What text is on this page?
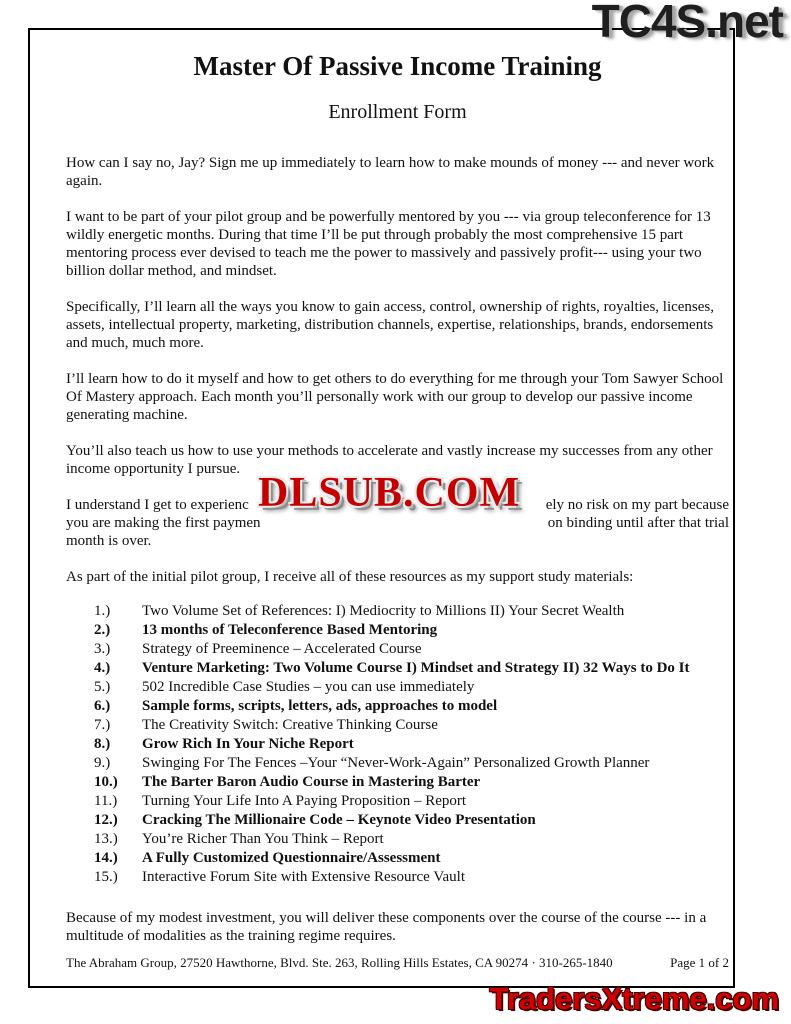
Master Of Passive Income Training
Enrollment Form

How can I say no, Jay? Sign me up immediately to learn how to make mounds of money --- and never work again.

I want to be part of your pilot group and be powerfully mentored by you --- via group teleconference for 13 wildly energetic months. During that time I’ll be put through probably the most comprehensive 15 part mentoring process ever devised to teach me the power to massively and passively profit--- using your two billion dollar method, and mindset.

Specifically, I’ll learn all the ways you know to gain access, control, ownership of rights, royalties, licenses, assets, intellectual property, marketing, distribution channels, expertise, relationships, brands, endorsements and much, much more.

I’ll learn how to do it myself and how to get others to do everything for me through your Tom Sawyer School Of Mastery approach. Each month you’ll personally work with our group to develop our passive income generating machine.

You’ll also teach us how to use your methods to accelerate and vastly increase my successes from any other income opportunity I pursue.

I understand I get to experienc	ely no risk on my part because
you are making the first paymen	on binding until after that trial
month is over.
DLSUB.COM

As part of the initial pilot group, I receive all of these resources as my support study materials:

1.)	Two Volume Set of References: I) Mediocrity to Millions II) Your Secret Wealth
2.)	13 months of Teleconference Based Mentoring
3.)	Strategy of Preeminence – Accelerated Course
4.)	Venture Marketing: Two Volume Course I) Mindset and Strategy II) 32 Ways to Do It
5.)	502 Incredible Case Studies – you can use immediately
6.)	Sample forms, scripts, letters, ads, approaches to model
7.)	The Creativity Switch: Creative Thinking Course
8.)	Grow Rich In Your Niche Report
9.)	Swinging For The Fences –Your “Never-Work-Again” Personalized Growth Planner
10.)	The Barter Baron Audio Course in Mastering Barter
11.)	Turning Your Life Into A Paying Proposition – Report
12.)	Cracking The Millionaire Code – Keynote Video Presentation
13.)	You’re Richer Than You Think – Report
14.)	A Fully Customized Questionnaire/Assessment
15.)	Interactive Forum Site with Extensive Resource Vault

Because of my modest investment, you will deliver these components over the course of the course --- in a multitude of modalities as the training regime requires.

The Abraham Group, 27520 Hawthorne, Blvd. Ste. 263, Rolling Hills Estates, CA 90274 · 310-265-1840	Page 1 of 2
TC4S.net
TradersXtreme.com
